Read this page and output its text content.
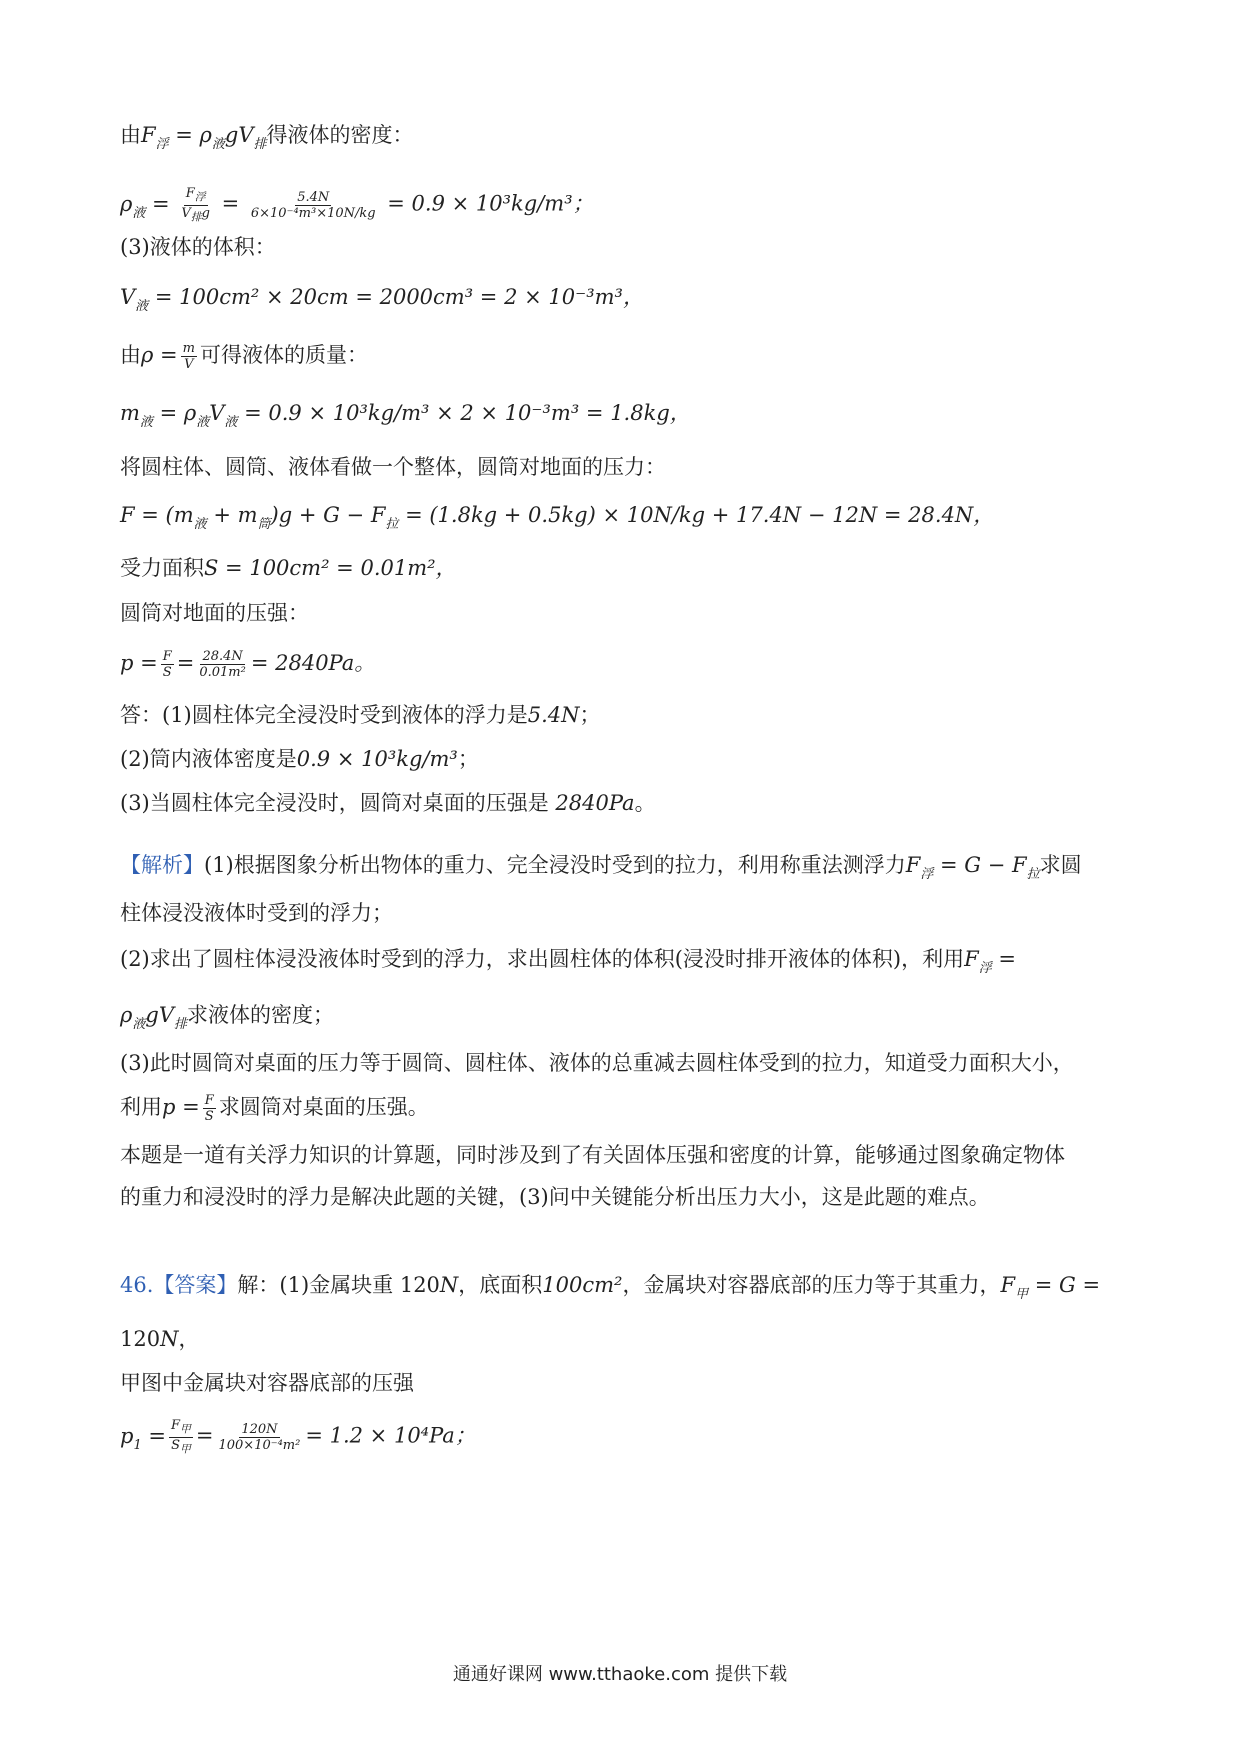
由$F_浮 = \rho_液gV_排$得液体的密度：
$\rho_液 = \frac{F_浮}{V_排g} = \frac{5.4N}{\text{6×10⁻⁴m³×10N/kg}} = 0.9 \times 10^3kg/m^3$；
(3)液体的体积：
$V_液 = 100cm^2 \times 20cm = 2000cm^3 = 2 \times 10^{-3}m^3$，
由$\rho = \frac{m}{V}$ 可得液体的质量：
$m_液 = \rho_液V_液 = 0.9 \times 10^3kg/m^3 \times 2 \times 10^{-3}m^3 = 1.8kg$，
将圆柱体、圆筒、液体看做一个整体，圆筒对地面的压力：
$F = (m_液 + m_筒)g + G - F_拉 = (1.8kg + 0.5kg) \times 10N/kg + 17.4N - 12N = 28.4N$，
受力面积S = 100cm² = 0.01m²，
圆筒对地面的压强：
$p = \frac{F}{S} = \frac{28.4N}{\text{0.01m²}} = 2840Pa$。
答：(1)圆柱体完全浸没时受到液体的浮力是5.4N；
(2)筒内液体密度是0.9 × 10³kg/m³；
(3)当圆柱体完全浸没时，圆筒对桌面的压强是 2840Pa。
【解析】(1)根据图象分析出物体的重力、完全浸没时受到的拉力，利用称重法测浮力$F_浮 = G - F_拉$求圆
柱体浸没液体时受到的浮力；
(2)求出了圆柱体浸没液体时受到的浮力，求出圆柱体的体积(浸没时排开液体的体积)，利用$F_浮$ =
$\rho_液gV_排$求液体的密度；
(3)此时圆筒对桌面的压力等于圆筒、圆柱体、液体的总重减去圆柱体受到的拉力，知道受力面积大小，
利用$p = \frac{F}{S}$ 求圆筒对桌面的压强。
本题是一道有关浮力知识的计算题，同时涉及到了有关固体压强和密度的计算，能够通过图象确定物体
的重力和浸没时的浮力是解决此题的关键，(3)问中关键能分析出压力大小，这是此题的难点。
46.【答案】解：(1)金属块重 120N，底面积100cm²，金属块对容器底部的压力等于其重力，$F_甲 = G$ =
120N，
甲图中金属块对容器底部的压强
$p_1 = \frac{F_甲}{S_甲} = \frac{120N}{\text{100×10⁻⁴m²}} = 1.2 \times 10^4Pa$；
通通好课网 www.tthaoke.com 提供下载
